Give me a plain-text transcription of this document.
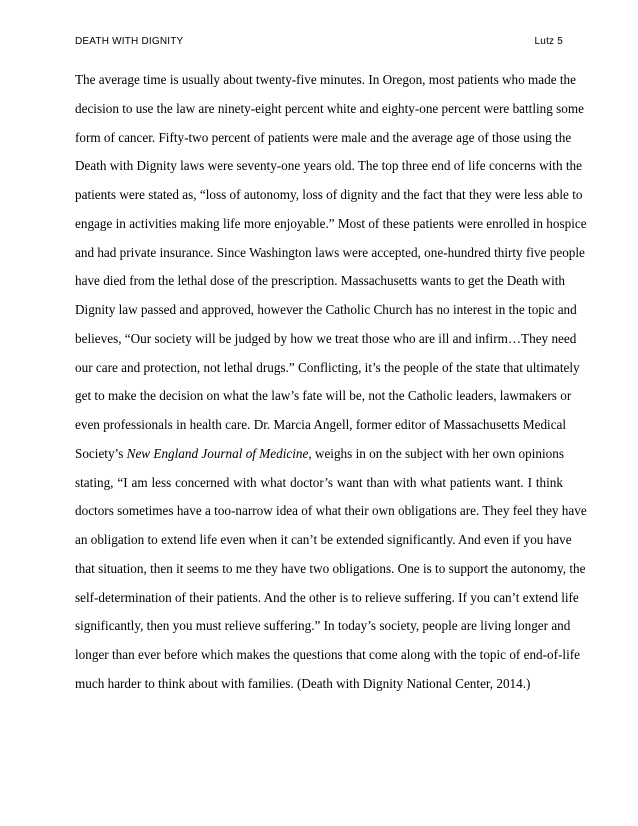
DEATH WITH DIGNITY	Lutz 5
The average time is usually about twenty-five minutes. In Oregon, most patients who made the
decision to use the law are ninety-eight percent white and eighty-one percent were battling some
form of cancer. Fifty-two percent of patients were male and the average age of those using the
Death with Dignity laws were seventy-one years old. The top three end of life concerns with the
patients were stated as, “loss of autonomy, loss of dignity and the fact that they were less able to
engage in activities making life more enjoyable.” Most of these patients were enrolled in hospice
and had private insurance. Since Washington laws were accepted, one-hundred thirty five people
have died from the lethal dose of the prescription. Massachusetts wants to get the Death with
Dignity law passed and approved, however the Catholic Church has no interest in the topic and
believes, “Our society will be judged by how we treat those who are ill and infirm…They need
our care and protection, not lethal drugs.” Conflicting, it’s the people of the state that ultimately
get to make the decision on what the law’s fate will be, not the Catholic leaders, lawmakers or
even professionals in health care. Dr. Marcia Angell, former editor of Massachusetts Medical
Society’s New England Journal of Medicine, weighs in on the subject with her own opinions
stating, “I am less concerned with what doctor’s want than with what patients want. I think
doctors sometimes have a too-narrow idea of what their own obligations are. They feel they have
an obligation to extend life even when it can’t be extended significantly. And even if you have
that situation, then it seems to me they have two obligations. One is to support the autonomy, the
self-determination of their patients. And the other is to relieve suffering. If you can’t extend life
significantly, then you must relieve suffering.” In today’s society, people are living longer and
longer than ever before which makes the questions that come along with the topic of end-of-life
much harder to think about with families. (Death with Dignity National Center, 2014.)
